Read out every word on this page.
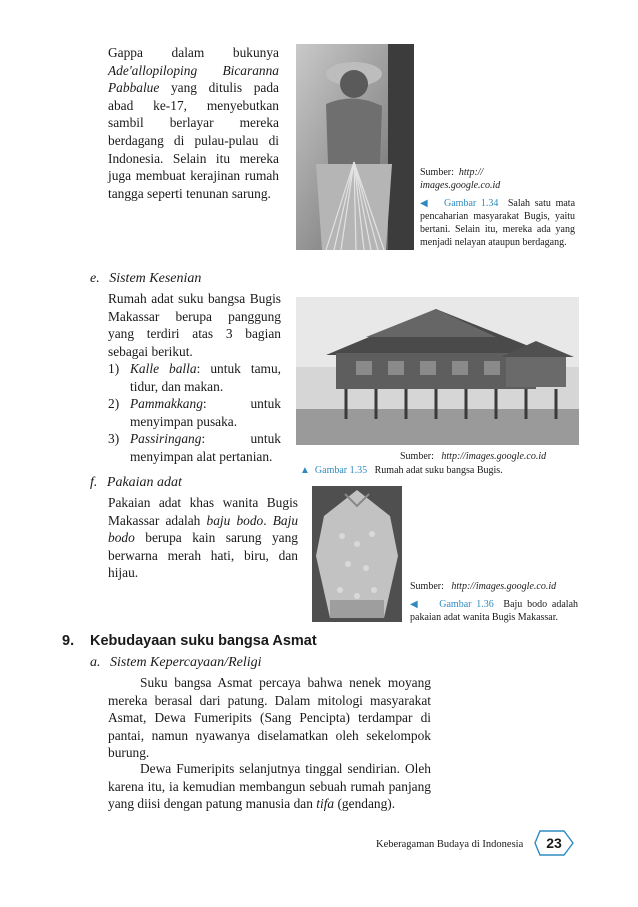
Gappa dalam bukunya Ade'allopiloping Bicaranna Pabbalue yang ditulis pada abad ke-17, menyebutkan sambil berlayar mereka berdagang di pulau-pulau di Indonesia. Selain itu mereka juga membuat kerajinan rumah tangga seperti tenunan sarung.

Sumber: http://
images.google.co.id

◀ Gambar 1.34 Salah satu mata pencaharian masyarakat Bugis, yaitu bertani. Selain itu, mereka ada yang menjadi nelayan ataupun berdagang.

e. Sistem Kesenian

Rumah adat suku bangsa Bugis Makassar berupa panggung yang terdiri atas 3 bagian sebagai berikut.

1) Kalle balla: untuk tamu, tidur, dan makan.
2) Pammakkang: untuk menyimpan pusaka.
3) Passiringang: untuk menyimpan alat pertanian.	Sumber: http://images.google.co.id

▲ Gambar 1.35 Rumah adat suku bangsa Bugis.

f. Pakaian adat

Pakaian adat khas wanita Bugis Makassar adalah baju bodo. Baju bodo berupa kain sarung yang berwarna merah hati, biru, dan hijau.

Sumber: http://images.google.co.id

◀ Gambar 1.36 Baju bodo adalah pakaian adat wanita Bugis Makassar.

9. Kebudayaan suku bangsa Asmat
a. Sistem Kepercayaan/Religi

Suku bangsa Asmat percaya bahwa nenek moyang mereka berasal dari patung. Dalam mitologi masyarakat Asmat, Dewa Fumeripits (Sang Pencipta) terdampar di pantai, namun nyawanya diselamatkan oleh sekelompok burung.

Dewa Fumeripits selanjutnya tinggal sendirian. Oleh karena itu, ia kemudian membangun sebuah rumah panjang yang diisi dengan patung manusia dan tifa (gendang).

Keberagaman Budaya di Indonesia	23
